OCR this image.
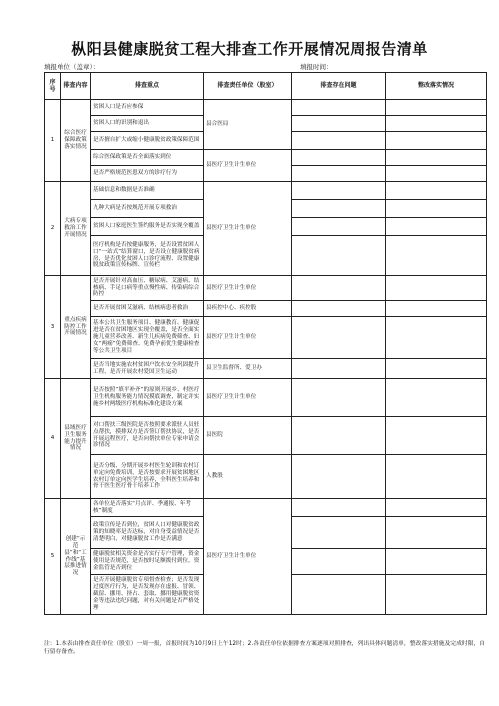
枞阳县健康脱贫工程大排查工作开展情况周报告清单
填报单位（盖章）：	填报时间：
序号	排查内容	排查重点	排查责任单位（股室）	排查存在问题	整改落实情况
1	综合医疗保障政策落实情况	贫困人口是否应参保	县合医局		
		贫困人口的识别和退出			
		是否擅自扩大或缩小健康脱贫政策保障范围			
		综合医保政策是否全面落实到位	县医疗卫生计生单位		
		是否严格规范医患双方的诊疗行为			
2	大病专项救治工作开展情况	基础信息和数据是否准确	县医疗卫生计生单位		
		九种大病是否按规范开展专项救治			
		贫困人口家庭医生签约服务是否实现全覆盖			
		医疗机构是否按健康服务，是否设置贫困人口“一站式”结算窗口，是否设立健康脱贫病房，是否优化贫困人口诊疗流程、设置健康脱贫政策宣传标牌、宣传栏			
3	重点疾病防控工作开展情况	是否开展针对高血压、糖尿病、艾滋病、结核病、手足口病等重点慢性病、传染病综合防控	县医疗卫生计生单位		
		是否开展贫困艾滋病、结核病患者救治	县疾控中心、疾控股		
		基本公共卫生服务项目、健康教育、健康促进是否在贫困地区实现全覆盖，是否全面实施儿童营养改善、新生儿疾病免费筛查、妇女“两癌”免费筛查、免费孕前优生健康检查等公共卫生项目	县医疗卫生计生单位		
		是否当地实施农村贫困户饮水安全巩固提升工程，是否开展农村爱国卫生运动	县卫生监督所、爱卫办		
4	县域医疗卫生服务能力提升情况	是否按照“填平补齐”的原则开展乡、村医疗卫生机构服务能力情况摸底调查，制定并实施乡村两级医疗机构标准化建设方案	县医疗卫生计生单位		
		对口帮扶三级医院是否按照要求派驻人员驻点帮扶，摸排双方是否签订帮扶协议，是否开展远程医疗，是否向帮扶单位专家申请会诊情况	县医院		
		是否分级、分期开展乡村医生轮训和农村订单定向免费培训，是否按要求开展贫困地区农村订单定向医学生培养，全科医生培养和骨干医生医疗骨干培养工作	人教股		
5	创建“示范县”和“工作线”基层推进情况	各单位是否落实“月点评、季通报、年考核”制度	县医疗卫生计生单位		
		政策宣传是否到位，贫困人口对健康脱贫政策的知晓率是否达标，对自身受益情况是否清楚明白，对健康脱贫工作是否满意			
		健康脱贫相关资金是否实行专户管理，资金使用是否规范，是否按时足额拨付到位，资金监管是否到位			
		是否开展健康脱贫专项督查检查；是否发现过度医疗行为，是否发现存在虚报、冒领、截留、挪用、挤占、套取、挪用健康脱贫资金等违法违纪问题，对有关问题是否严格处理			
注：1.本表由排查责任单位（股室）一周一报，首报时间为10月9日上午12时；2.各责任单位依据排查方案逐项对照排查，列出具体问题清单，整改落实措施及完成时限，自行留存备查。
